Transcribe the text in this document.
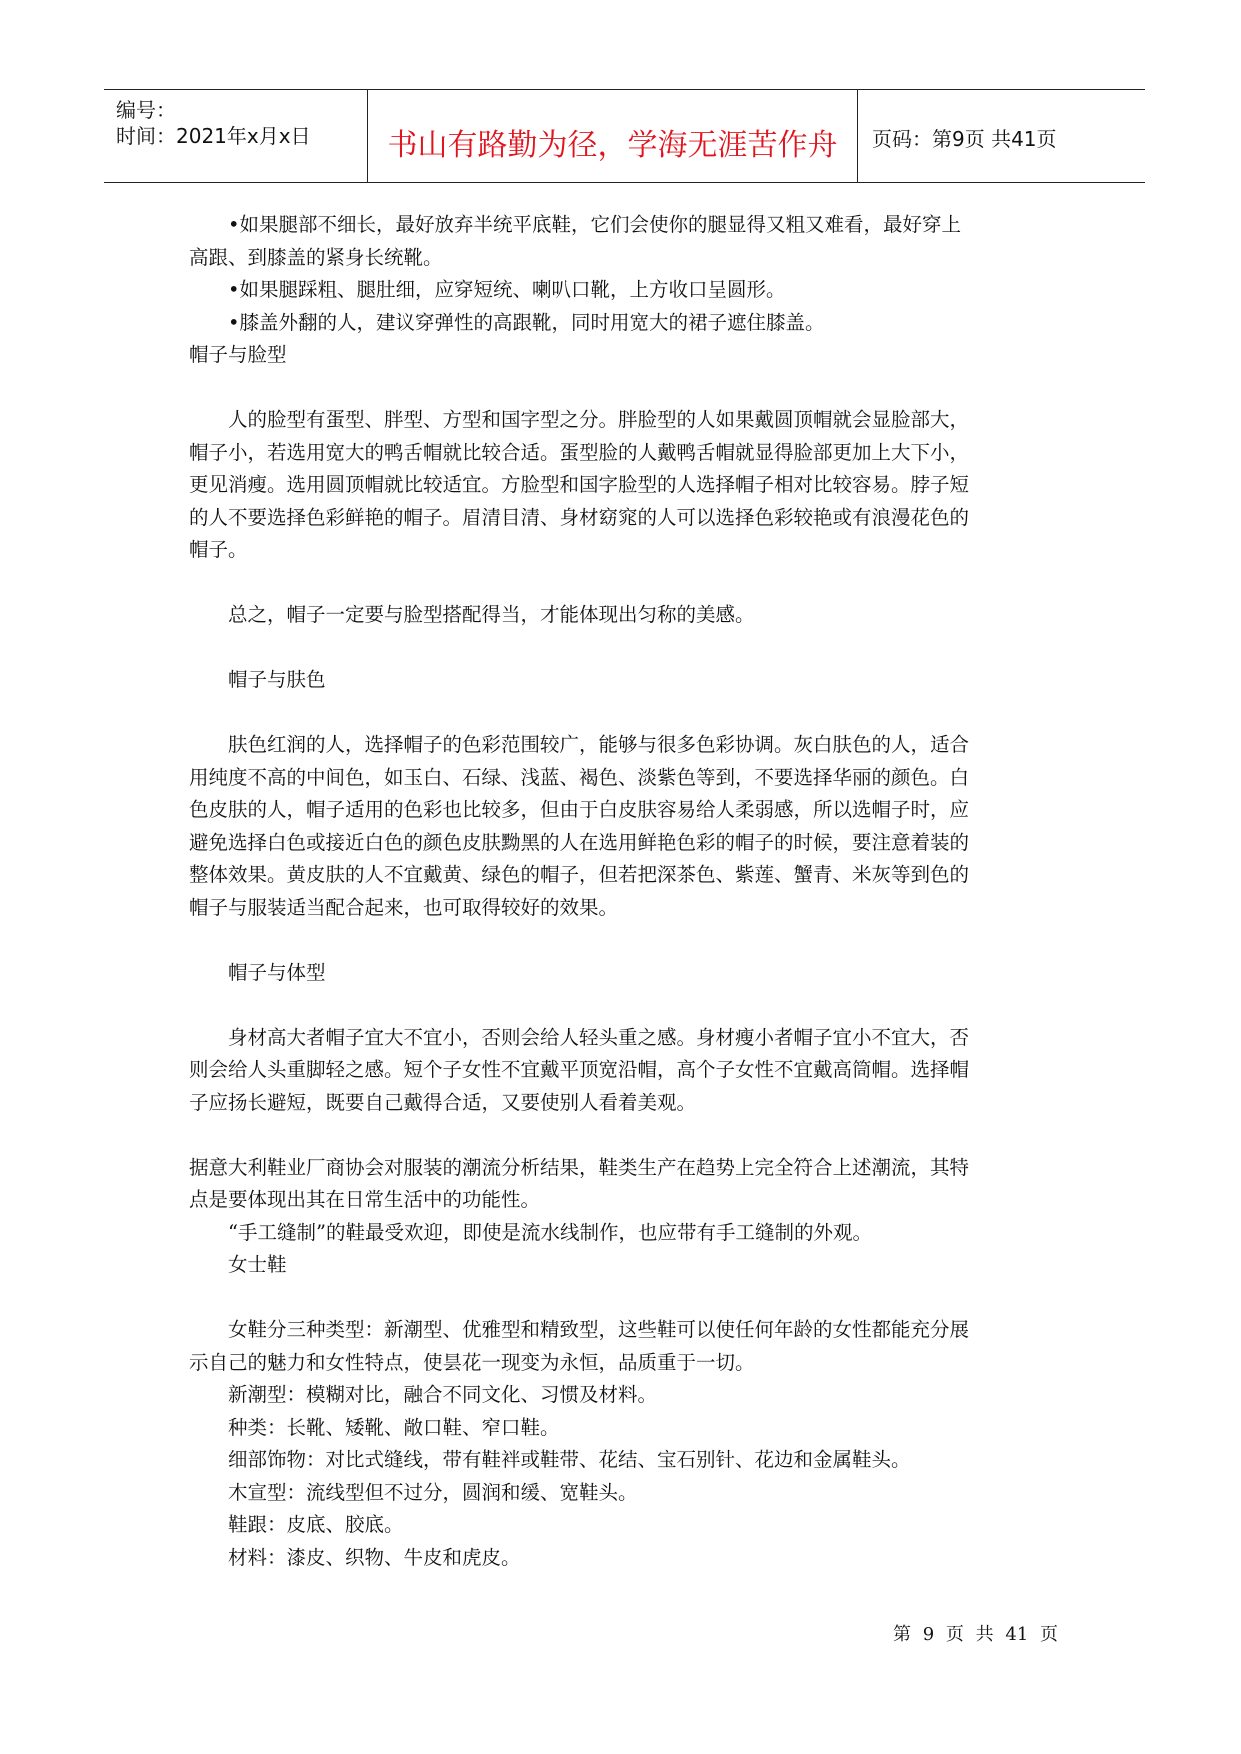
编号：
时间：2021年x月x日	书山有路勤为径，学海无涯苦作舟	页码：第9页 共41页
　　•如果腿部不细长，最好放弃半统平底鞋，它们会使你的腿显得又粗又难看，最好穿上
高跟、到膝盖的紧身长统靴。
　　•如果腿踩粗、腿肚细，应穿短统、喇叭口靴，上方收口呈圆形。
　　•膝盖外翻的人，建议穿弹性的高跟靴，同时用宽大的裙子遮住膝盖。
帽子与脸型

　　人的脸型有蛋型、胖型、方型和国字型之分。胖脸型的人如果戴圆顶帽就会显脸部大，
帽子小，若选用宽大的鸭舌帽就比较合适。蛋型脸的人戴鸭舌帽就显得脸部更加上大下小，
更见消瘦。选用圆顶帽就比较适宜。方脸型和国字脸型的人选择帽子相对比较容易。脖子短
的人不要选择色彩鲜艳的帽子。眉清目清、身材窈窕的人可以选择色彩较艳或有浪漫花色的
帽子。

　　总之，帽子一定要与脸型搭配得当，才能体现出匀称的美感。

　　帽子与肤色

　　肤色红润的人，选择帽子的色彩范围较广，能够与很多色彩协调。灰白肤色的人，适合
用纯度不高的中间色，如玉白、石绿、浅蓝、褐色、淡紫色等到，不要选择华丽的颜色。白
色皮肤的人，帽子适用的色彩也比较多，但由于白皮肤容易给人柔弱感，所以选帽子时，应
避免选择白色或接近白色的颜色皮肤黝黑的人在选用鲜艳色彩的帽子的时候，要注意着装的
整体效果。黄皮肤的人不宜戴黄、绿色的帽子，但若把深茶色、紫莲、蟹青、米灰等到色的
帽子与服装适当配合起来，也可取得较好的效果。

　　帽子与体型

　　身材高大者帽子宜大不宜小，否则会给人轻头重之感。身材瘦小者帽子宜小不宜大，否
则会给人头重脚轻之感。短个子女性不宜戴平顶宽沿帽，高个子女性不宜戴高筒帽。选择帽
子应扬长避短，既要自己戴得合适，又要使别人看着美观。

据意大利鞋业厂商协会对服装的潮流分析结果，鞋类生产在趋势上完全符合上述潮流，其特
点是要体现出其在日常生活中的功能性。
　　“手工缝制”的鞋最受欢迎，即使是流水线制作，也应带有手工缝制的外观。
　　女士鞋

　　女鞋分三种类型：新潮型、优雅型和精致型，这些鞋可以使任何年龄的女性都能充分展
示自己的魅力和女性特点，使昙花一现变为永恒，品质重于一切。
　　新潮型：模糊对比，融合不同文化、习惯及材料。
　　种类：长靴、矮靴、敞口鞋、窄口鞋。
　　细部饰物：对比式缝线，带有鞋袢或鞋带、花结、宝石别针、花边和金属鞋头。
　　木宣型：流线型但不过分，圆润和缓、宽鞋头。
　　鞋跟：皮底、胶底。
　　材料：漆皮、织物、牛皮和虎皮。
第 9 页 共 41 页
